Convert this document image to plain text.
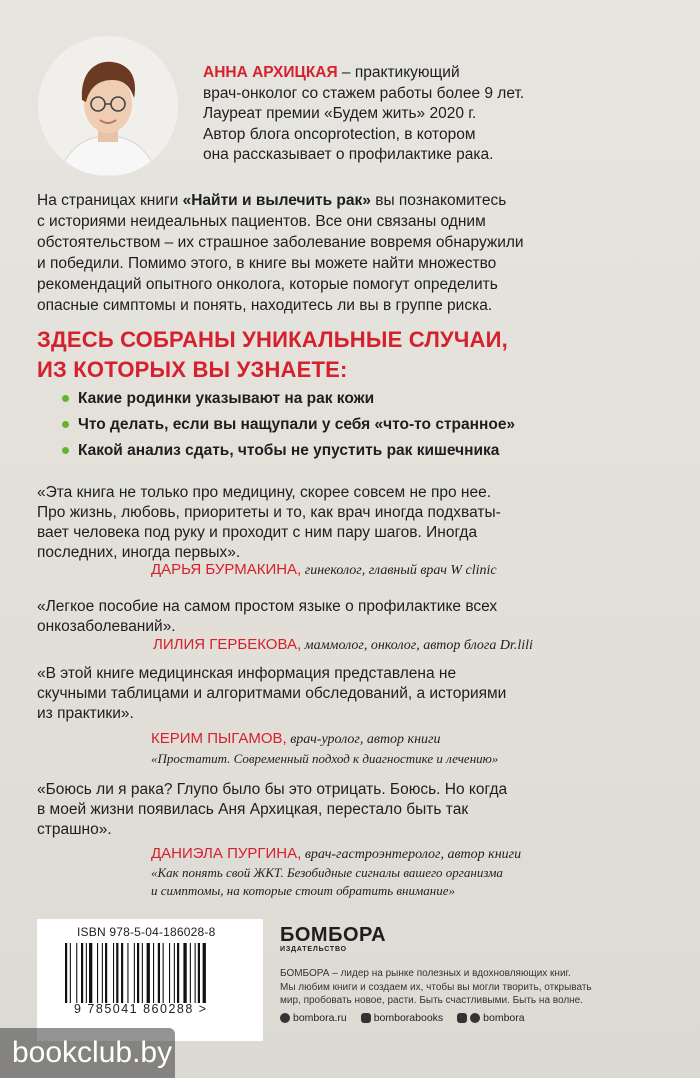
АННА АРХИЦКАЯ – практикующий
врач-онколог со стажем работы более 9 лет.
Лауреат премии «Будем жить» 2020 г.
Автор блога oncoprotection, в котором
она рассказывает о профилактике рака.
На страницах книги «Найти и вылечить рак» вы познакомитесь
с историями неидеальных пациентов. Все они связаны одним
обстоятельством – их страшное заболевание вовремя обнаружили
и победили. Помимо этого, в книге вы можете найти множество
рекомендаций опытного онколога, которые помогут определить
опасные симптомы и понять, находитесь ли вы в группе риска.
ЗДЕСЬ СОБРАНЫ УНИКАЛЬНЫЕ СЛУЧАИ,
ИЗ КОТОРЫХ ВЫ УЗНАЕТЕ:
Какие родинки указывают на рак кожи
Что делать, если вы нащупали у себя «что-то странное»
Какой анализ сдать, чтобы не упустить рак кишечника
«Эта книга не только про медицину, скорее совсем не про нее.
Про жизнь, любовь, приоритеты и то, как врач иногда подхваты-
вает человека под руку и проходит с ним пару шагов. Иногда
последних, иногда первых».
ДАРЬЯ БУРМАКИНА, гинеколог, главный врач W clinic
«Легкое пособие на самом простом языке о профилактике всех
онкозаболеваний».
ЛИЛИЯ ГЕРБЕКОВА, маммолог, онколог, автор блога Dr.lili
«В этой книге медицинская информация представлена не
скучными таблицами и алгоритмами обследований, а историями
из практики».
КЕРИМ ПЫГАМОВ, врач-уролог, автор книги
«Простатит. Современный подход к диагностике и лечению»
«Боюсь ли я рака? Глупо было бы это отрицать. Боюсь. Но когда
в моей жизни появилась Аня Архицкая, перестало быть так
страшно».
ДАНИЭЛА ПУРГИНА, врач-гастроэнтеролог, автор книги
«Как понять свой ЖКТ. Безобидные сигналы вашего организма
и симптомы, на которые стоит обратить внимание»
ISBN 978-5-04-186028-8
9 785041 860288 >
БОМБОРА
ИЗДАТЕЛЬСТВО
БОМБОРА – лидер на рынке полезных и вдохновляющих книг.
Мы любим книги и создаем их, чтобы вы могли творить, открывать
мир, пробовать новое, расти. Быть счастливыми. Быть на волне.
bombora.ru	bomborabooks	bombora
bookclub.by
